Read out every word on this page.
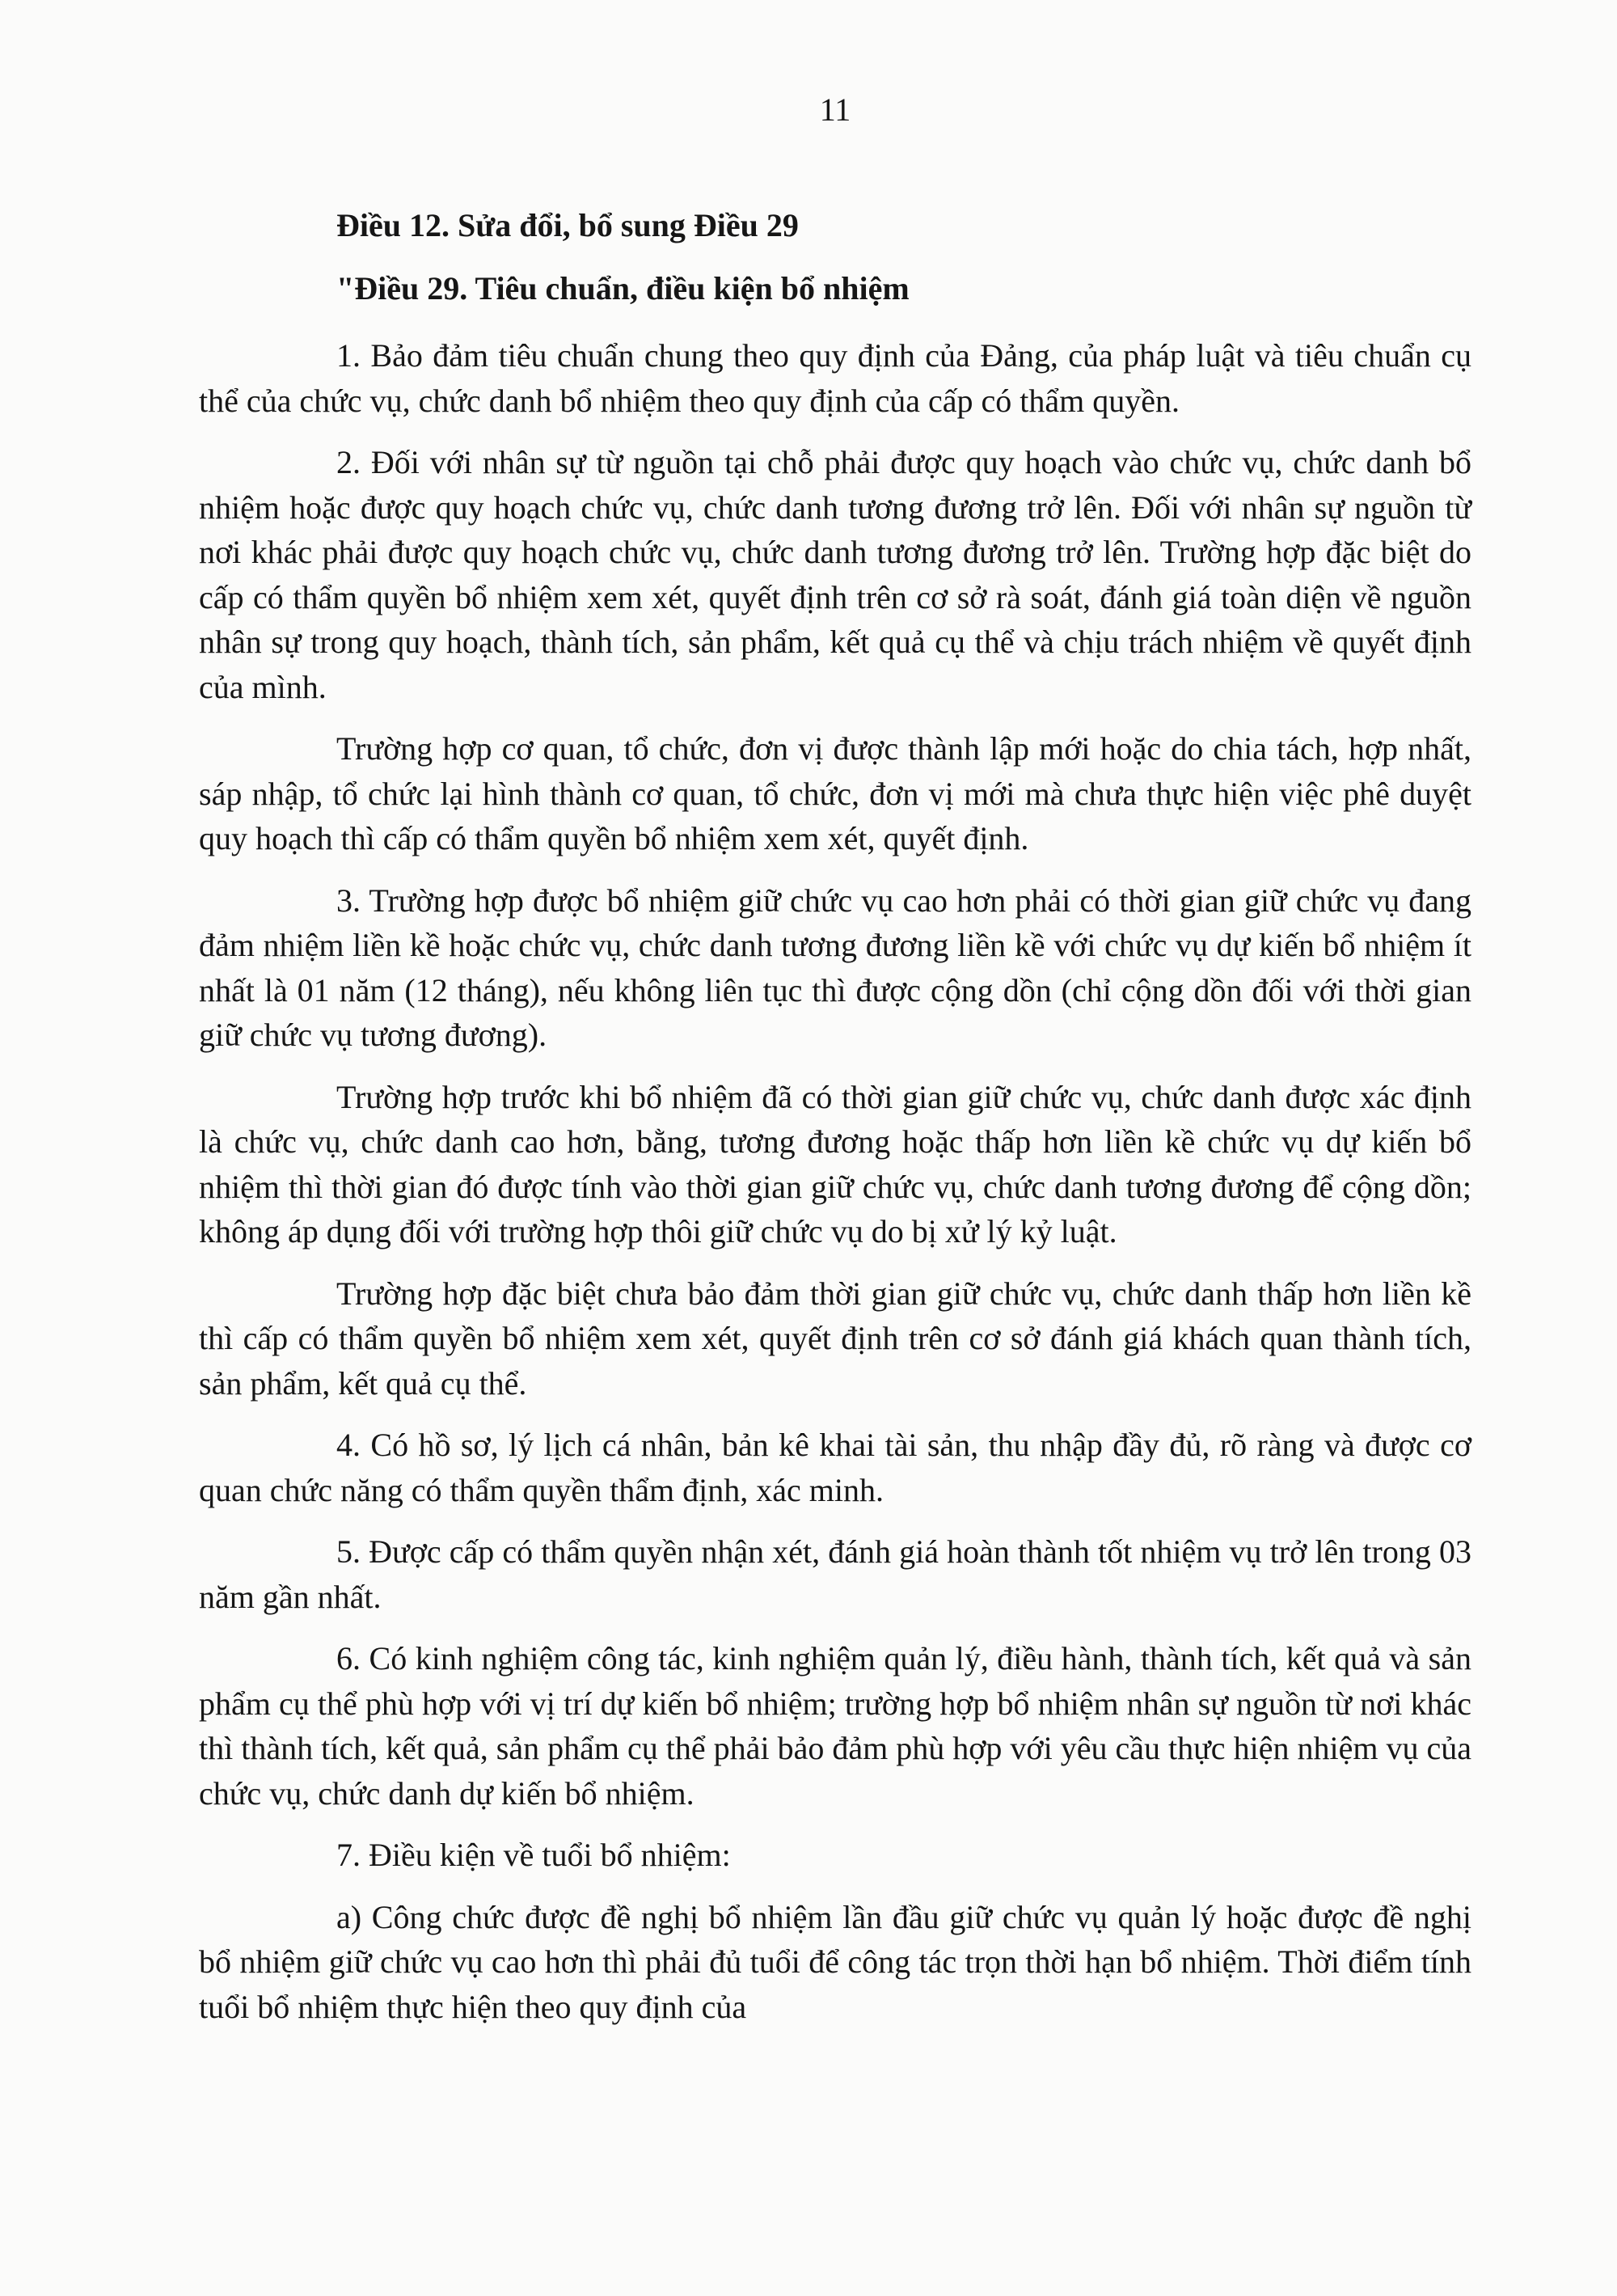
11
Điều 12. Sửa đổi, bổ sung Điều 29
"Điều 29. Tiêu chuẩn, điều kiện bổ nhiệm

1. Bảo đảm tiêu chuẩn chung theo quy định của Đảng, của pháp luật và tiêu chuẩn cụ thể của chức vụ, chức danh bổ nhiệm theo quy định của cấp có thẩm quyền.

2. Đối với nhân sự từ nguồn tại chỗ phải được quy hoạch vào chức vụ, chức danh bổ nhiệm hoặc được quy hoạch chức vụ, chức danh tương đương trở lên. Đối với nhân sự nguồn từ nơi khác phải được quy hoạch chức vụ, chức danh tương đương trở lên. Trường hợp đặc biệt do cấp có thẩm quyền bổ nhiệm xem xét, quyết định trên cơ sở rà soát, đánh giá toàn diện về nguồn nhân sự trong quy hoạch, thành tích, sản phẩm, kết quả cụ thể và chịu trách nhiệm về quyết định của mình.

Trường hợp cơ quan, tổ chức, đơn vị được thành lập mới hoặc do chia tách, hợp nhất, sáp nhập, tổ chức lại hình thành cơ quan, tổ chức, đơn vị mới mà chưa thực hiện việc phê duyệt quy hoạch thì cấp có thẩm quyền bổ nhiệm xem xét, quyết định.

3. Trường hợp được bổ nhiệm giữ chức vụ cao hơn phải có thời gian giữ chức vụ đang đảm nhiệm liền kề hoặc chức vụ, chức danh tương đương liền kề với chức vụ dự kiến bổ nhiệm ít nhất là 01 năm (12 tháng), nếu không liên tục thì được cộng dồn (chỉ cộng dồn đối với thời gian giữ chức vụ tương đương).

Trường hợp trước khi bổ nhiệm đã có thời gian giữ chức vụ, chức danh được xác định là chức vụ, chức danh cao hơn, bằng, tương đương hoặc thấp hơn liền kề chức vụ dự kiến bổ nhiệm thì thời gian đó được tính vào thời gian giữ chức vụ, chức danh tương đương để cộng dồn; không áp dụng đối với trường hợp thôi giữ chức vụ do bị xử lý kỷ luật.

Trường hợp đặc biệt chưa bảo đảm thời gian giữ chức vụ, chức danh thấp hơn liền kề thì cấp có thẩm quyền bổ nhiệm xem xét, quyết định trên cơ sở đánh giá khách quan thành tích, sản phẩm, kết quả cụ thể.

4. Có hồ sơ, lý lịch cá nhân, bản kê khai tài sản, thu nhập đầy đủ, rõ ràng và được cơ quan chức năng có thẩm quyền thẩm định, xác minh.

5. Được cấp có thẩm quyền nhận xét, đánh giá hoàn thành tốt nhiệm vụ trở lên trong 03 năm gần nhất.

6. Có kinh nghiệm công tác, kinh nghiệm quản lý, điều hành, thành tích, kết quả và sản phẩm cụ thể phù hợp với vị trí dự kiến bổ nhiệm; trường hợp bổ nhiệm nhân sự nguồn từ nơi khác thì thành tích, kết quả, sản phẩm cụ thể phải bảo đảm phù hợp với yêu cầu thực hiện nhiệm vụ của chức vụ, chức danh dự kiến bổ nhiệm.

7. Điều kiện về tuổi bổ nhiệm:

a) Công chức được đề nghị bổ nhiệm lần đầu giữ chức vụ quản lý hoặc được đề nghị bổ nhiệm giữ chức vụ cao hơn thì phải đủ tuổi để công tác trọn thời hạn bổ nhiệm. Thời điểm tính tuổi bổ nhiệm thực hiện theo quy định của
